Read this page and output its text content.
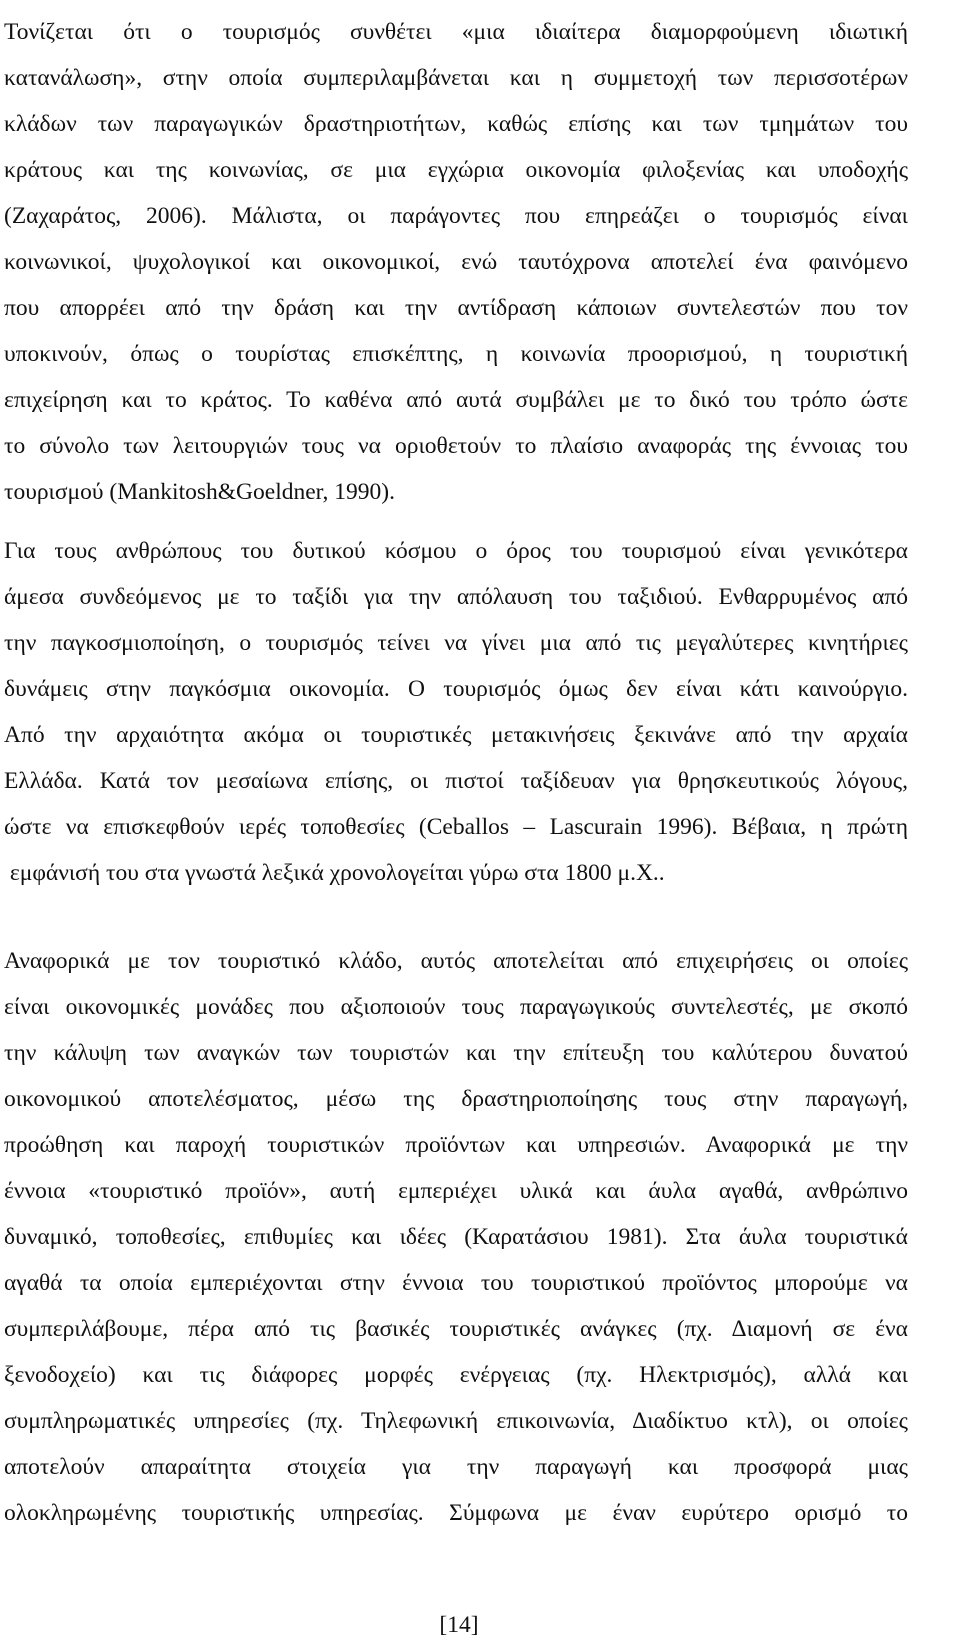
Τονίζεται ότι ο τουρισμός συνθέτει «μια ιδιαίτερα διαμορφούμενη ιδιωτική
κατανάλωση», στην οποία συμπεριλαμβάνεται και η συμμετοχή των περισσοτέρων
κλάδων των παραγωγικών δραστηριοτήτων, καθώς επίσης και των τμημάτων του
κράτους και της κοινωνίας, σε μια εγχώρια οικονομία φιλοξενίας και υποδοχής
(Ζαχαράτος, 2006). Μάλιστα, οι παράγοντες που επηρεάζει ο τουρισμός είναι
κοινωνικοί, ψυχολογικοί και οικονομικοί, ενώ ταυτόχρονα αποτελεί ένα φαινόμενο
που απορρέει από την δράση και την αντίδραση κάποιων συντελεστών που τον
υποκινούν, όπως ο τουρίστας επισκέπτης, η κοινωνία προορισμού, η τουριστική
επιχείρηση και το κράτος. Το καθένα από αυτά συμβάλει με το δικό του τρόπο ώστε
το σύνολο των λειτουργιών τους να οριοθετούν το πλαίσιο αναφοράς της έννοιας του
τουρισμού (Mankitosh&Goeldner, 1990).
Για τους ανθρώπους του δυτικού κόσμου ο όρος του τουρισμού είναι γενικότερα
άμεσα συνδεόμενος με το ταξίδι για την απόλαυση του ταξιδιού. Ενθαρρυμένος από
την παγκοσμιοποίηση, ο τουρισμός τείνει να γίνει μια από τις μεγαλύτερες κινητήριες
δυνάμεις στην παγκόσμια οικονομία. Ο τουρισμός όμως δεν είναι κάτι καινούργιο.
Από την αρχαιότητα ακόμα οι τουριστικές μετακινήσεις ξεκινάνε από την αρχαία
Ελλάδα. Κατά τον μεσαίωνα επίσης, οι πιστοί ταξίδευαν για θρησκευτικούς λόγους,
ώστε να επισκεφθούν ιερές τοποθεσίες (Ceballos – Lascurain 1996). Βέβαια, η πρώτη
εμφάνισή του στα γνωστά λεξικά χρονολογείται γύρω στα 1800 μ.Χ..
Αναφορικά με τον τουριστικό κλάδο, αυτός αποτελείται από επιχειρήσεις οι οποίες
είναι οικονομικές μονάδες που αξιοποιούν τους παραγωγικούς συντελεστές, με σκοπό
την κάλυψη των αναγκών των τουριστών και την επίτευξη του καλύτερου δυνατού
οικονομικού αποτελέσματος, μέσω της δραστηριοποίησης τους στην παραγωγή,
προώθηση και παροχή τουριστικών προϊόντων και υπηρεσιών. Αναφορικά με την
έννοια «τουριστικό προϊόν», αυτή εμπεριέχει υλικά και άυλα αγαθά, ανθρώπινο
δυναμικό, τοποθεσίες, επιθυμίες και ιδέες (Καρατάσιου 1981). Στα άυλα τουριστικά
αγαθά τα οποία εμπεριέχονται στην έννοια του τουριστικού προϊόντος μπορούμε να
συμπεριλάβουμε, πέρα από τις βασικές τουριστικές ανάγκες (πχ. Διαμονή σε ένα
ξενοδοχείο) και τις διάφορες μορφές ενέργειας (πχ. Ηλεκτρισμός), αλλά και
συμπληρωματικές υπηρεσίες (πχ. Τηλεφωνική επικοινωνία, Διαδίκτυο κτλ), οι οποίες
αποτελούν απαραίτητα στοιχεία για την παραγωγή και προσφορά μιας
ολοκληρωμένης τουριστικής υπηρεσίας. Σύμφωνα με έναν ευρύτερο ορισμό το
[14]
